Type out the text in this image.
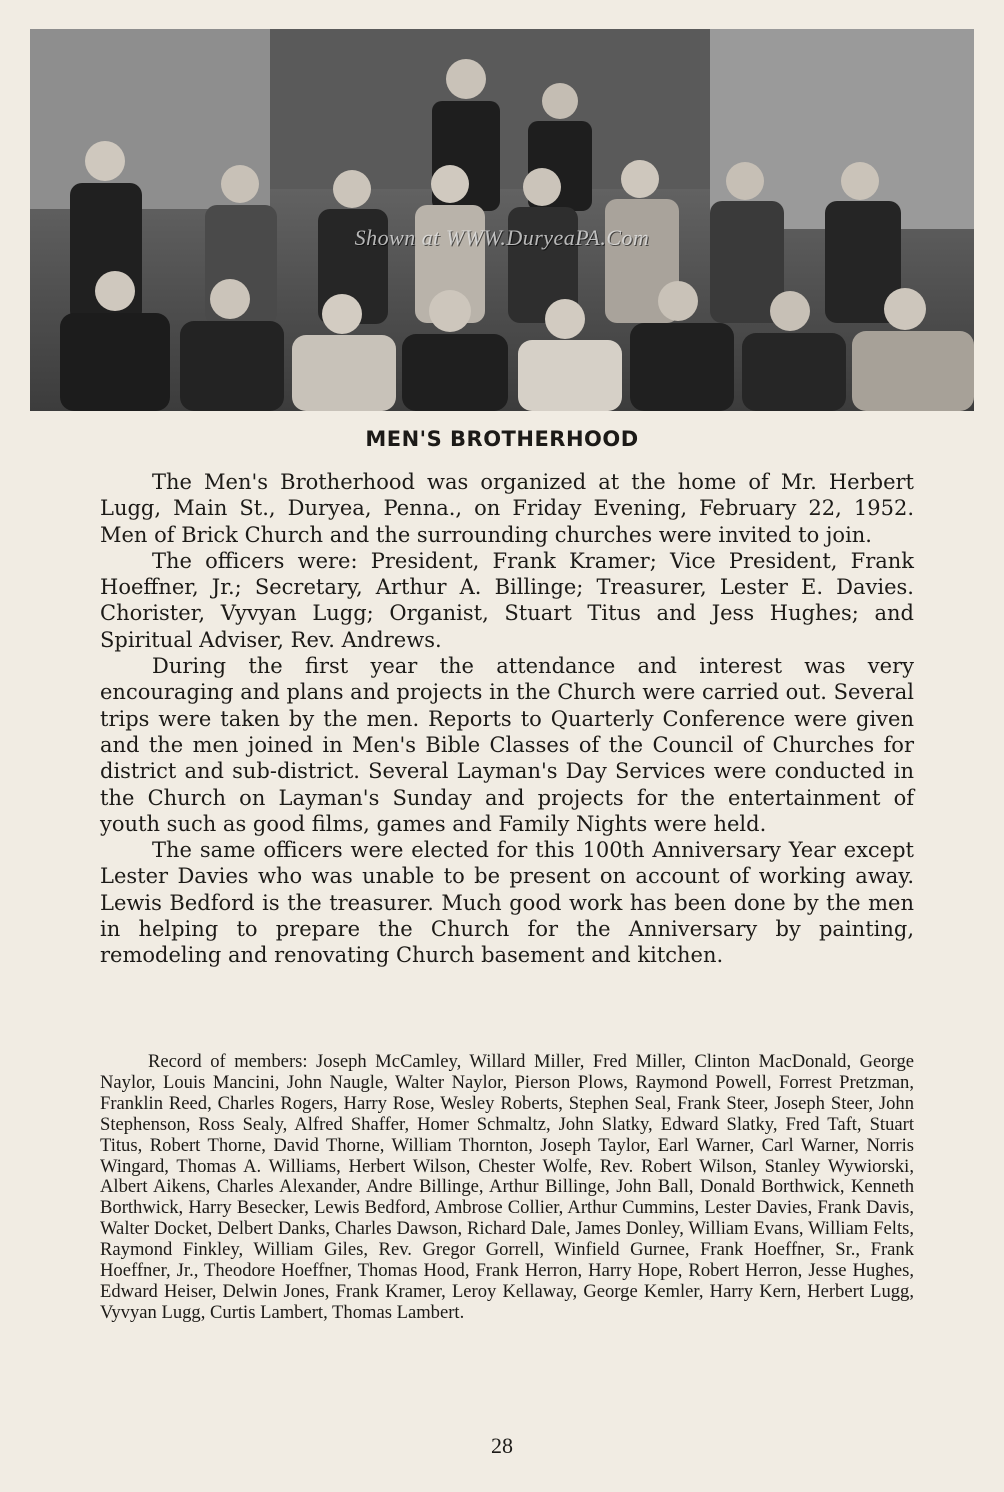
Shown at WWW.DuryeaPA.Com
MEN'S BROTHERHOOD

The Men's Brotherhood was organized at the home of Mr. Herbert Lugg, Main St., Duryea, Penna., on Friday Evening, February 22, 1952. Men of Brick Church and the surrounding churches were invited to join.

The officers were: President, Frank Kramer; Vice President, Frank Hoeffner, Jr.; Secretary, Arthur A. Billinge; Treasurer, Lester E. Davies. Chorister, Vyvyan Lugg; Organist, Stuart Titus and Jess Hughes; and Spiritual Adviser, Rev. Andrews.

During the first year the attendance and interest was very encouraging and plans and projects in the Church were carried out. Several trips were taken by the men. Reports to Quarterly Conference were given and the men joined in Men's Bible Classes of the Council of Churches for district and sub-district. Several Layman's Day Services were conducted in the Church on Layman's Sunday and projects for the entertainment of youth such as good films, games and Family Nights were held.

The same officers were elected for this 100th Anniversary Year except Lester Davies who was unable to be present on account of working away. Lewis Bedford is the treasurer. Much good work has been done by the men in helping to prepare the Church for the Anniversary by painting, remodeling and renovating Church basement and kitchen.

Record of members: Joseph McCamley, Willard Miller, Fred Miller, Clinton MacDonald, George Naylor, Louis Mancini, John Naugle, Walter Naylor, Pierson Plows, Raymond Powell, Forrest Pretzman, Franklin Reed, Charles Rogers, Harry Rose, Wesley Roberts, Stephen Seal, Frank Steer, Joseph Steer, John Stephenson, Ross Sealy, Alfred Shaffer, Homer Schmaltz, John Slatky, Edward Slatky, Fred Taft, Stuart Titus, Robert Thorne, David Thorne, William Thornton, Joseph Taylor, Earl Warner, Carl Warner, Norris Wingard, Thomas A. Williams, Herbert Wilson, Chester Wolfe, Rev. Robert Wilson, Stanley Wywiorski, Albert Aikens, Charles Alexander, Andre Billinge, Arthur Billinge, John Ball, Donald Borthwick, Kenneth Borthwick, Harry Besecker, Lewis Bedford, Ambrose Collier, Arthur Cummins, Lester Davies, Frank Davis, Walter Docket, Delbert Danks, Charles Dawson, Richard Dale, James Donley, William Evans, William Felts, Raymond Finkley, William Giles, Rev. Gregor Gorrell, Winfield Gurnee, Frank Hoeffner, Sr., Frank Hoeffner, Jr., Theodore Hoeffner, Thomas Hood, Frank Herron, Harry Hope, Robert Herron, Jesse Hughes, Edward Heiser, Delwin Jones, Frank Kramer, Leroy Kellaway, George Kemler, Harry Kern, Herbert Lugg, Vyvyan Lugg, Curtis Lambert, Thomas Lambert.

28
